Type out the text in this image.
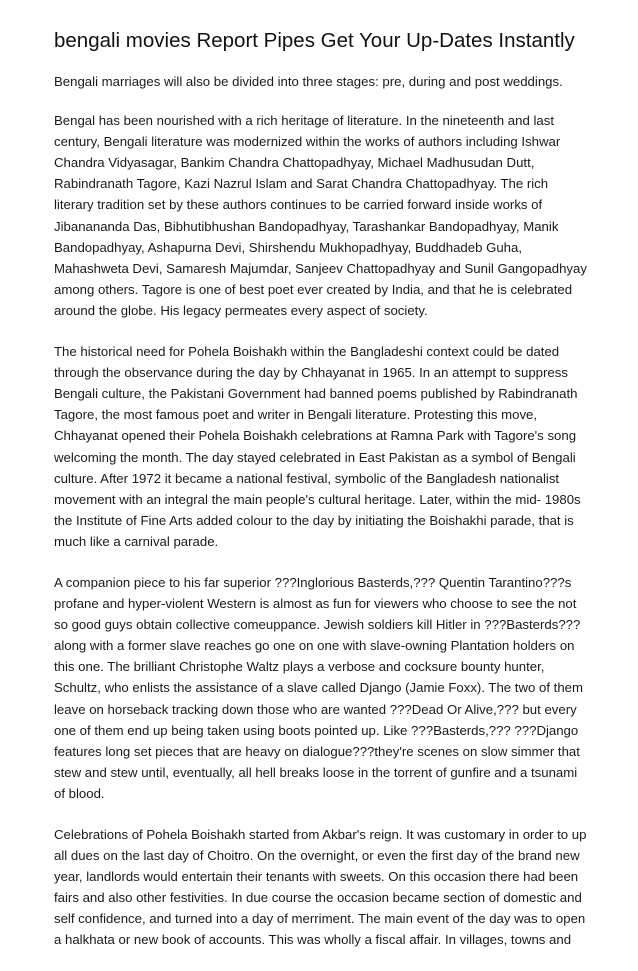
bengali movies Report Pipes Get Your Up-Dates Instantly

Bengali marriages will also be divided into three stages: pre, during and post weddings.

Bengal has been nourished with a rich heritage of literature. In the nineteenth and last century, Bengali literature was modernized within the works of authors including Ishwar Chandra Vidyasagar, Bankim Chandra Chattopadhyay, Michael Madhusudan Dutt, Rabindranath Tagore, Kazi Nazrul Islam and Sarat Chandra Chattopadhyay. The rich literary tradition set by these authors continues to be carried forward inside works of Jibanananda Das, Bibhutibhushan Bandopadhyay, Tarashankar Bandopadhyay, Manik Bandopadhyay, Ashapurna Devi, Shirshendu Mukhopadhyay, Buddhadeb Guha, Mahashweta Devi, Samaresh Majumdar, Sanjeev Chattopadhyay and Sunil Gangopadhyay among others. Tagore is one of best poet ever created by India, and that he is celebrated around the globe. His legacy permeates every aspect of society.

The historical need for Pohela Boishakh within the Bangladeshi context could be dated through the observance during the day by Chhayanat in 1965. In an attempt to suppress Bengali culture, the Pakistani Government had banned poems published by Rabindranath Tagore, the most famous poet and writer in Bengali literature. Protesting this move, Chhayanat opened their Pohela Boishakh celebrations at Ramna Park with Tagore's song welcoming the month. The day stayed celebrated in East Pakistan as a symbol of Bengali culture. After 1972 it became a national festival, symbolic of the Bangladesh nationalist movement with an integral the main people's cultural heritage. Later, within the mid- 1980s the Institute of Fine Arts added colour to the day by initiating the Boishakhi parade, that is much like a carnival parade.

A companion piece to his far superior ???Inglorious Basterds,??? Quentin Tarantino???s profane and hyper-violent Western is almost as fun for viewers who choose to see the not so good guys obtain collective comeuppance. Jewish soldiers kill Hitler in ???Basterds??? along with a former slave reaches go one on one with slave-owning Plantation holders on this one. The brilliant Christophe Waltz plays a verbose and cocksure bounty hunter, Schultz, who enlists the assistance of a slave called Django (Jamie Foxx). The two of them leave on horseback tracking down those who are wanted ???Dead Or Alive,??? but every one of them end up being taken using boots pointed up. Like ???Basterds,??? ???Django features long set pieces that are heavy on dialogue???they're scenes on slow simmer that stew and stew until, eventually, all hell breaks loose in the torrent of gunfire and a tsunami of blood.

Celebrations of Pohela Boishakh started from Akbar's reign. It was customary in order to up all dues on the last day of Choitro. On the overnight, or even the first day of the brand new year, landlords would entertain their tenants with sweets. On this occasion there had been fairs and also other festivities. In due course the occasion became section of domestic and self confidence, and turned into a day of merriment. The main event of the day was to open a halkhata or new book of accounts. This was wholly a fiscal affair. In villages, towns and
